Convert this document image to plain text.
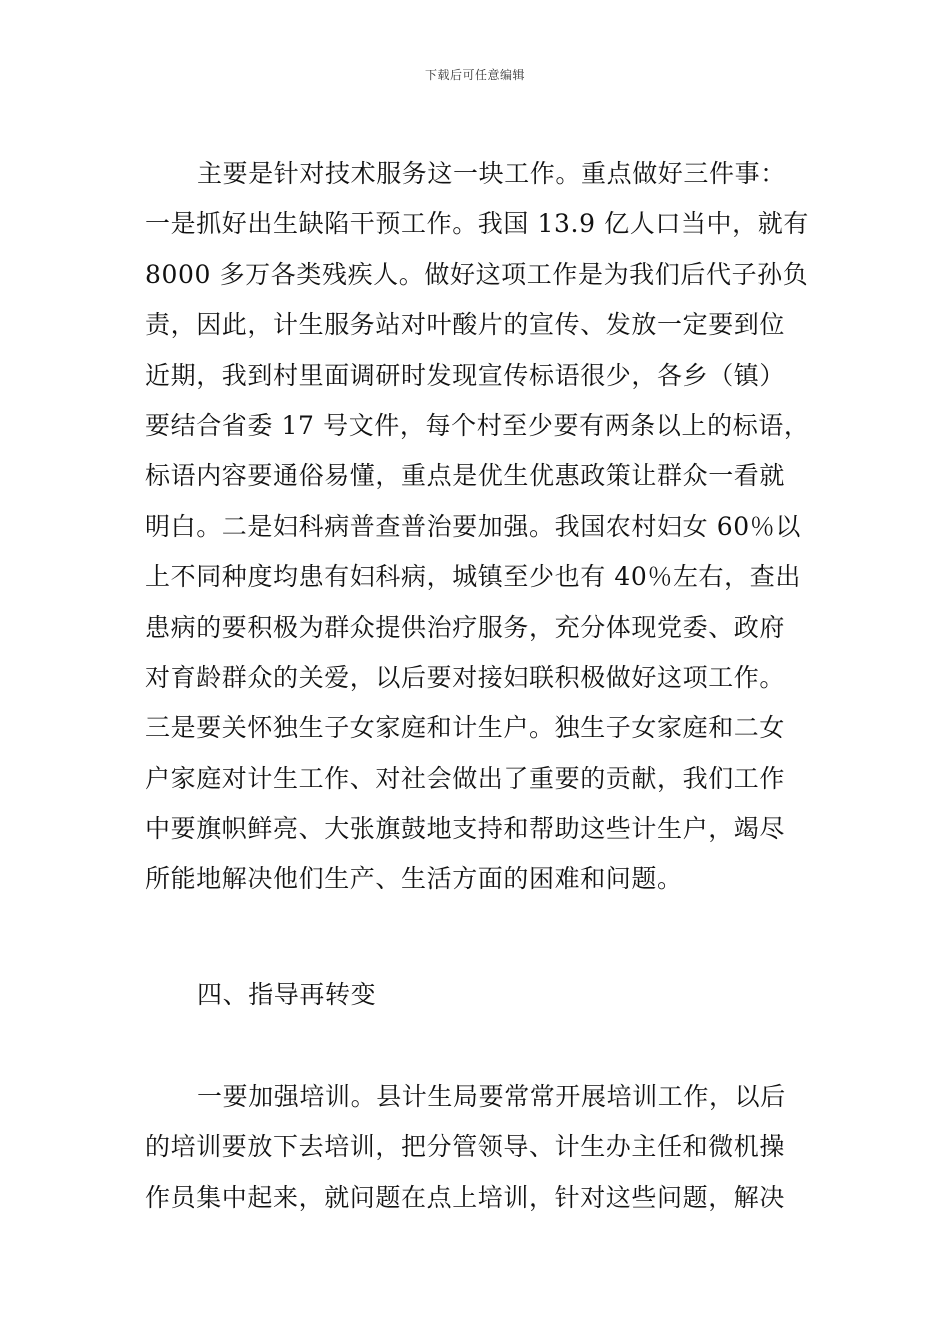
下载后可任意编辑
主要是针对技术服务这一块工作。重点做好三件事：
一是抓好出生缺陷干预工作。我国 13.9 亿人口当中，就有
8000 多万各类残疾人。做好这项工作是为我们后代子孙负
责，因此，计生服务站对叶酸片的宣传、发放一定要到位
近期，我到村里面调研时发现宣传标语很少，各乡（镇）
要结合省委 17 号文件，每个村至少要有两条以上的标语，
标语内容要通俗易懂，重点是优生优惠政策让群众一看就
明白。二是妇科病普查普治要加强。我国农村妇女 60％以
上不同种度均患有妇科病，城镇至少也有 40％左右，查出
患病的要积极为群众提供治疗服务，充分体现党委、政府
对育龄群众的关爱，以后要对接妇联积极做好这项工作。
三是要关怀独生子女家庭和计生户。独生子女家庭和二女
户家庭对计生工作、对社会做出了重要的贡献，我们工作
中要旗帜鲜亮、大张旗鼓地支持和帮助这些计生户，竭尽
所能地解决他们生产、生活方面的困难和问题。
四、指导再转变
一要加强培训。县计生局要常常开展培训工作，以后
的培训要放下去培训，把分管领导、计生办主任和微机操
作员集中起来，就问题在点上培训，针对这些问题，解决
